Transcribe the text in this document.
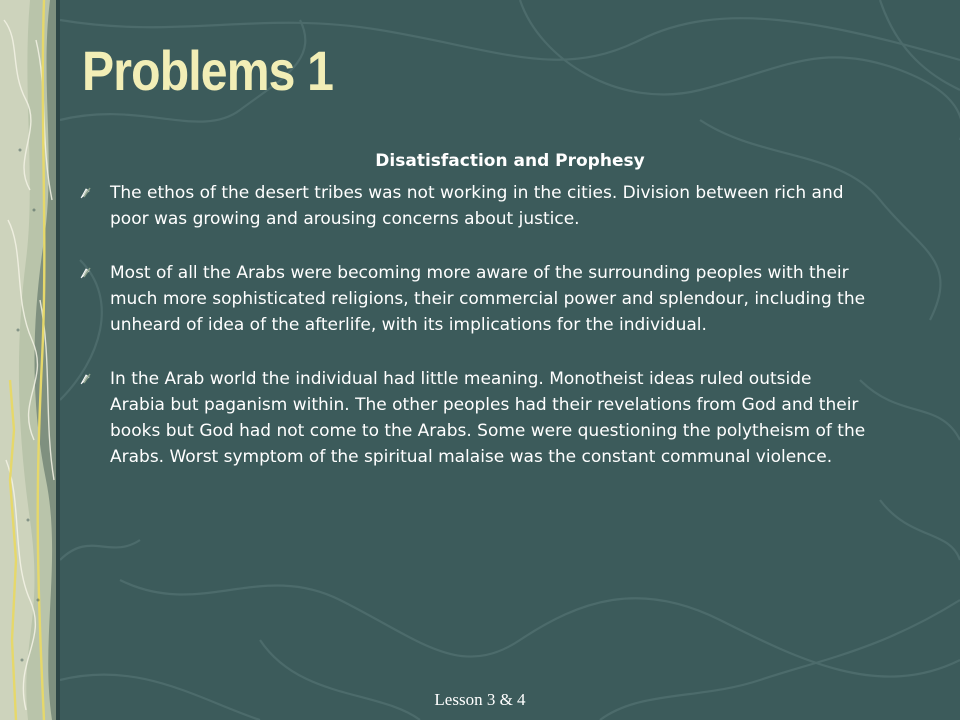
Problems 1
Disatisfaction and Prophesy
The ethos of the desert tribes was not working in the cities. Division between rich and poor was growing and arousing concerns about justice.
Most of all the Arabs were becoming more aware of the surrounding peoples with their much more sophisticated religions, their commercial power and splendour, including the unheard of idea of the afterlife, with its implications for the individual.
In the Arab world the individual had little meaning. Monotheist ideas ruled outside Arabia but paganism within. The other peoples had their revelations from God and their books but God had not come to the Arabs. Some were questioning the polytheism of the Arabs. Worst symptom of the spiritual malaise was the constant communal violence.
Lesson 3 & 4
